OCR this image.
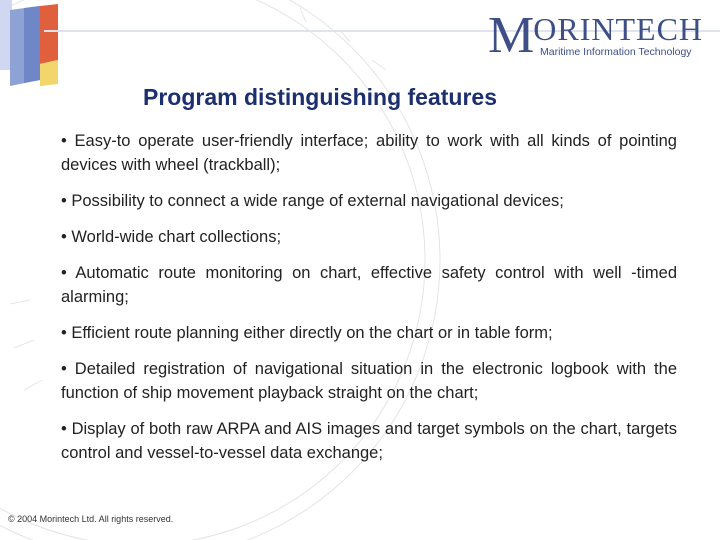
MORINTECH
Maritime Information Technology
Program distinguishing features
• Easy-to operate user-friendly interface; ability to work with all kinds of pointing devices with wheel (trackball);
• Possibility to connect a wide range of external navigational devices;
• World-wide chart collections;
• Automatic route monitoring on chart, effective safety control with well -timed alarming;
• Efficient route planning either directly on the chart or in table form;
• Detailed registration of navigational situation in the electronic logbook with the function of ship movement playback straight on the chart;
• Display of both raw ARPA and AIS images and target symbols on the chart, targets control and vessel-to-vessel data exchange;
© 2004 Morintech Ltd. All rights reserved.
